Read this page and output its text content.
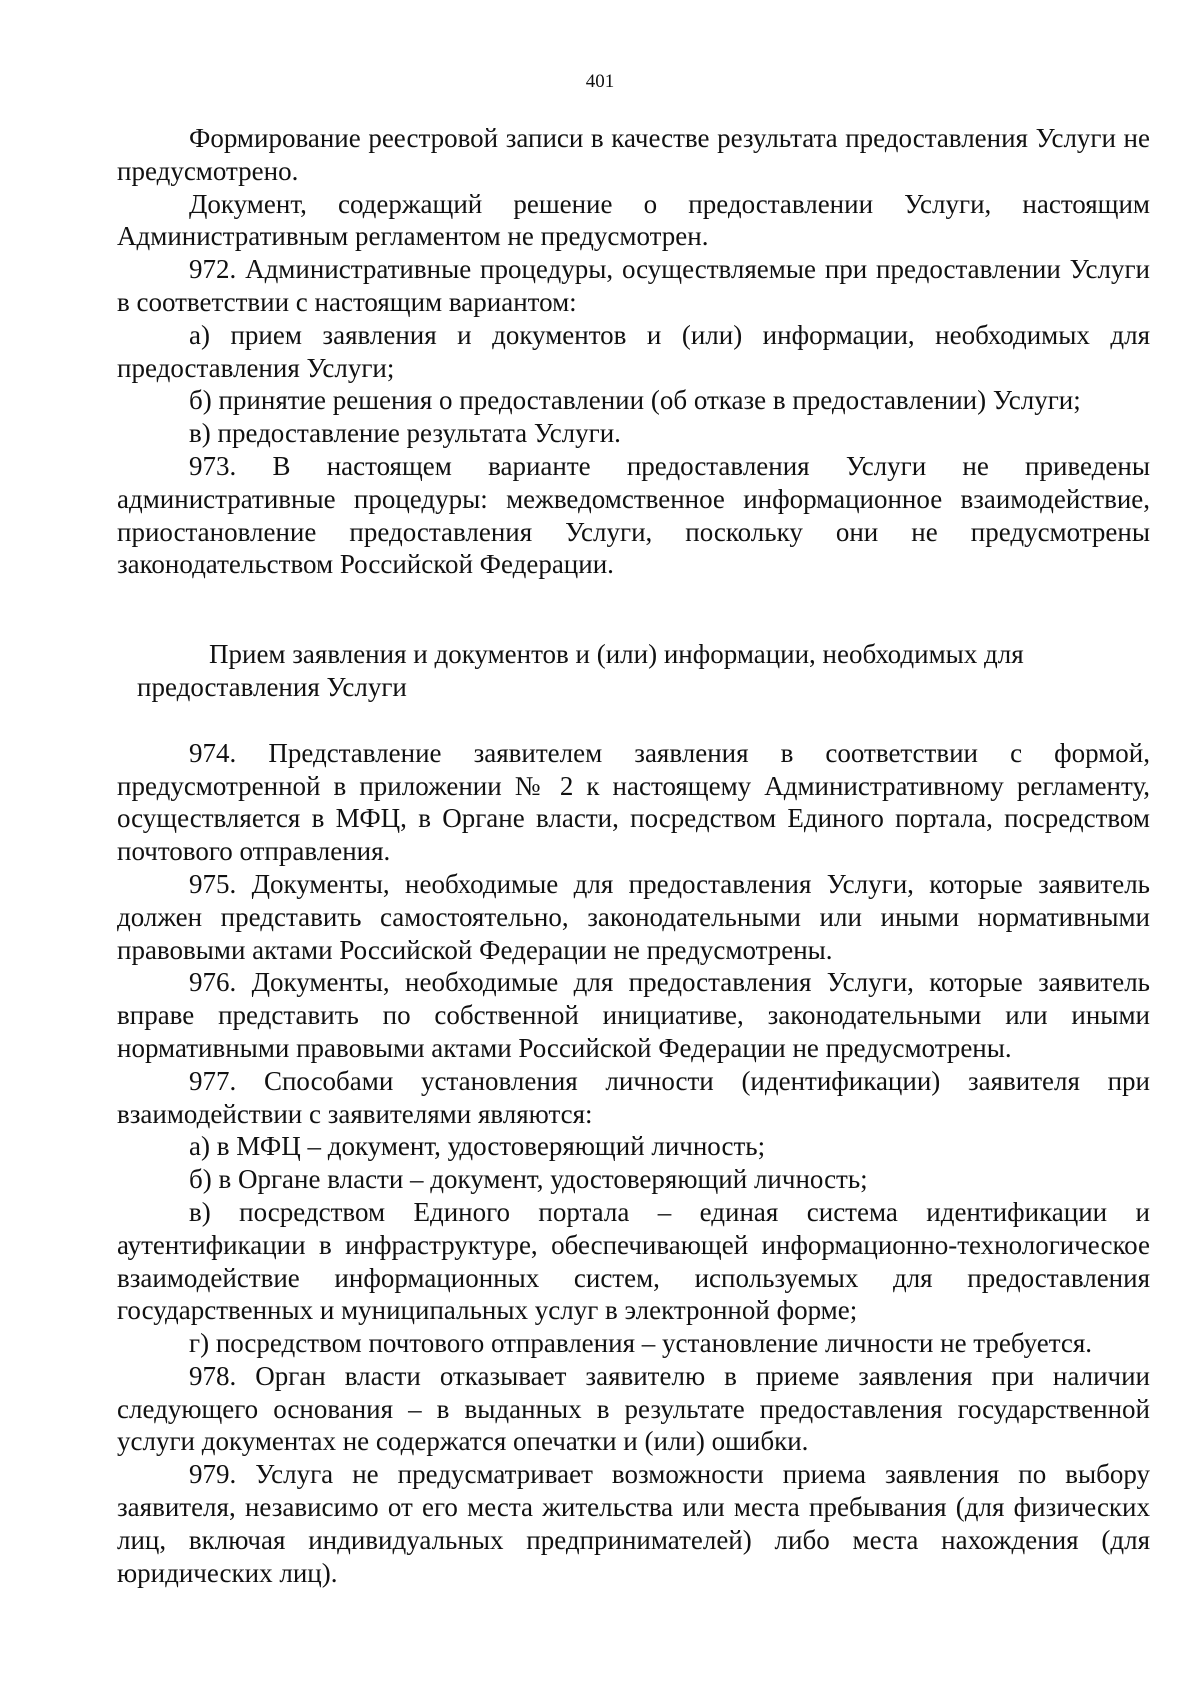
401

Формирование реестровой записи в качестве результата предоставления Услуги не предусмотрено.

Документ, содержащий решение о предоставлении Услуги, настоящим Административным регламентом не предусмотрен.

972. Административные процедуры, осуществляемые при предоставлении Услуги в соответствии с настоящим вариантом:

а) прием заявления и документов и (или) информации, необходимых для предоставления Услуги;

б) принятие решения о предоставлении (об отказе в предоставлении) Услуги;

в) предоставление результата Услуги.

973. В настоящем варианте предоставления Услуги не приведены административные процедуры: межведомственное информационное взаимодействие, приостановление предоставления Услуги, поскольку они не предусмотрены законодательством Российской Федерации.

Прием заявления и документов и (или) информации, необходимых для
предоставления Услуги

974. Представление заявителем заявления в соответствии с формой, предусмотренной в приложении № 2 к настоящему Административному регламенту, осуществляется в МФЦ, в Органе власти, посредством Единого портала, посредством почтового отправления.

975. Документы, необходимые для предоставления Услуги, которые заявитель должен представить самостоятельно, законодательными или иными нормативными правовыми актами Российской Федерации не предусмотрены.

976. Документы, необходимые для предоставления Услуги, которые заявитель вправе представить по собственной инициативе, законодательными или иными нормативными правовыми актами Российской Федерации не предусмотрены.

977. Способами установления личности (идентификации) заявителя при взаимодействии с заявителями являются:

а) в МФЦ – документ, удостоверяющий личность;

б) в Органе власти – документ, удостоверяющий личность;

в) посредством Единого портала – единая система идентификации и аутентификации в инфраструктуре, обеспечивающей информационно-технологическое взаимодействие информационных систем, используемых для предоставления государственных и муниципальных услуг в электронной форме;

г) посредством почтового отправления – установление личности не требуется.

978. Орган власти отказывает заявителю в приеме заявления при наличии следующего основания – в выданных в результате предоставления государственной услуги документах не содержатся опечатки и (или) ошибки.

979. Услуга не предусматривает возможности приема заявления по выбору заявителя, независимо от его места жительства или места пребывания (для физических лиц, включая индивидуальных предпринимателей) либо места нахождения (для юридических лиц).
